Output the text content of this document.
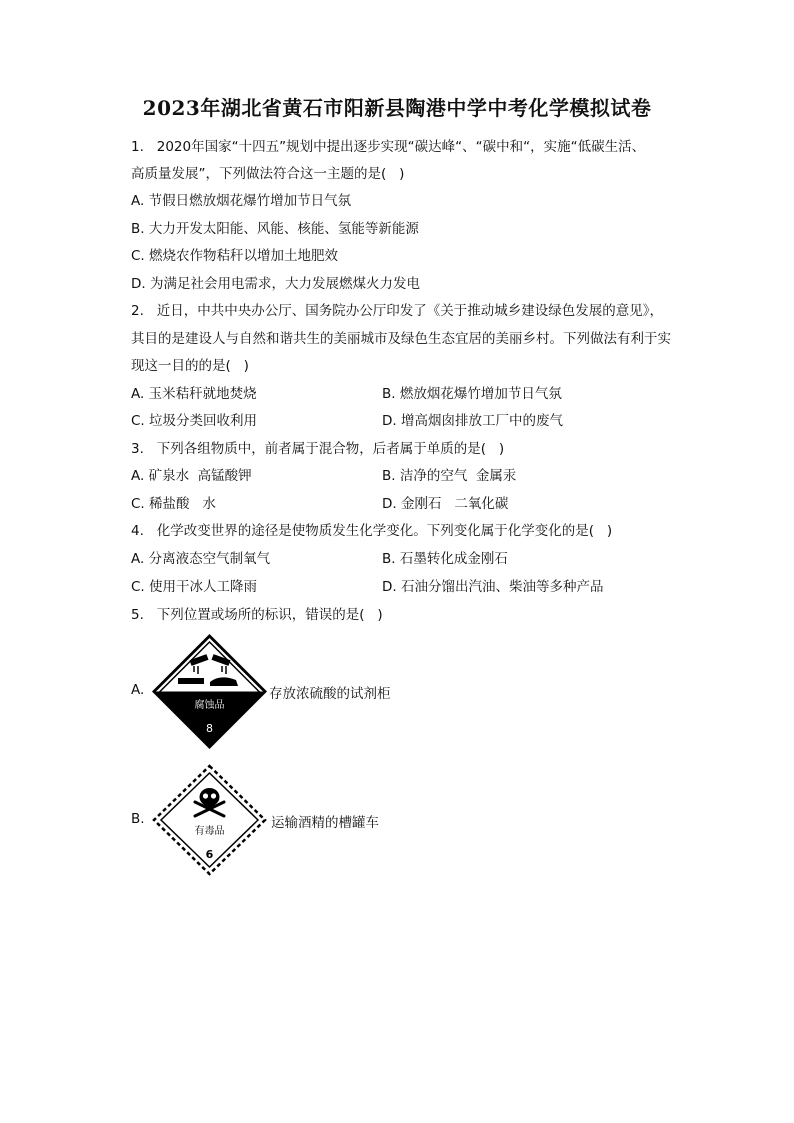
2023年湖北省黄石市阳新县陶港中学中考化学模拟试卷
1.   2020年国家“十四五”规划中提出逐步实现“碳达峰“、“碳中和“，实施“低碳生活、
高质量发展”，下列做法符合这一主题的是(   )
A. 节假日燃放烟花爆竹增加节日气氛
B. 大力开发太阳能、风能、核能、氢能等新能源
C. 燃烧农作物秸秆以增加土地肥效
D. 为满足社会用电需求，大力发展燃煤火力发电
2.   近日，中共中央办公厅、国务院办公厅印发了《关于推动城乡建设绿色发展的意见》，
其目的是建设人与自然和谐共生的美丽城市及绿色生态宜居的美丽乡村。下列做法有利于实
现这一目的的是(   )
A. 玉米秸秆就地焚烧	B. 燃放烟花爆竹增加节日气氛
C. 垃圾分类回收利用	D. 增高烟囱排放工厂中的废气
3.   下列各组物质中，前者属于混合物，后者属于单质的是(   )
A. 矿泉水  高锰酸钾	B. 洁净的空气  金属汞
C. 稀盐酸   水	D. 金刚石   二氧化碳
4.   化学改变世界的途径是使物质发生化学变化。下列变化属于化学变化的是(   )
A. 分离液态空气制氧气	B. 石墨转化成金刚石
C. 使用干冰人工降雨	D. 石油分馏出汽油、柴油等多种产品
5.   下列位置或场所的标识，错误的是(   )
A.
腐蚀品
8
存放浓硫酸的试剂柜
B.
有毒品
6
运输酒精的槽罐车
